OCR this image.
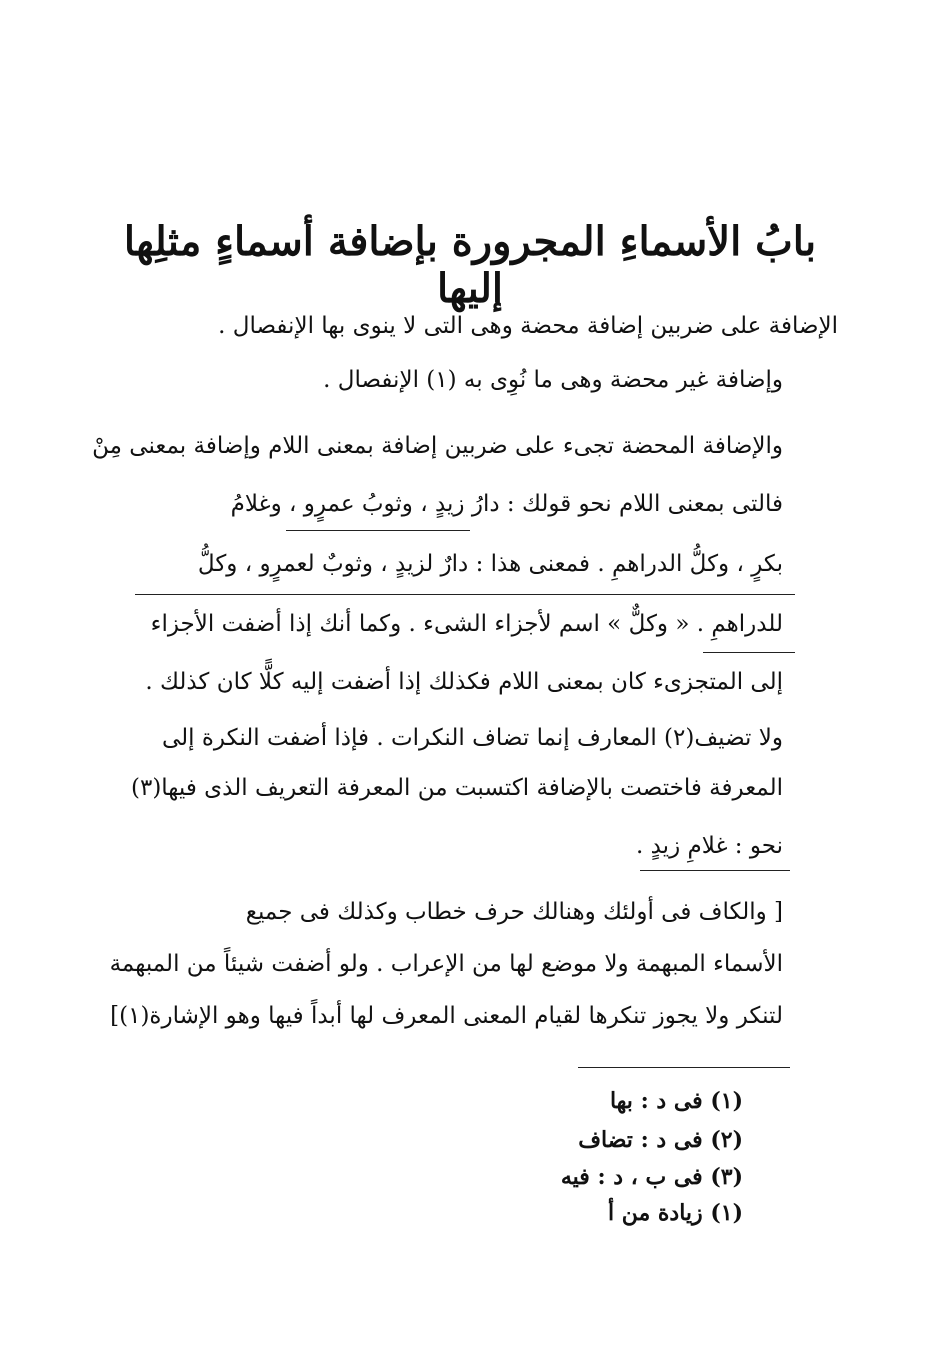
بابُ الأسماءِ المجرورة بإضافة أسماءٍ مثلِها إليها
الإضافة على ضربين إضافة محضة وهى التى لا ينوى بها الإنفصال .
وإضافة غير محضة وهى ما نُوِى به (١) الإنفصال .
والإضافة المحضة تجىء على ضربين إضافة بمعنى اللام وإضافة بمعنى مِنْ
فالتى بمعنى اللام نحو قولك : دارُ زيدٍ ، وثوبُ عمرٍو ، وغلامُ
بكرٍ ، وكلُّ الدراهمِ . فمعنى هذا : دارٌ لزيدٍ ، وثوبٌ لعمرٍو ، وكلُّ
للدراهمِ . « وكلٌّ » اسم لأجزاء الشىء . وكما أنك إذا أضفت الأجزاء
إلى المتجزىء كان بمعنى اللام فكذلك إذا أضفت إليه كلًّا كان كذلك .
ولا تضيف(٢) المعارف إنما تضاف النكرات . فإذا أضفت النكرة إلى
المعرفة فاختصت بالإضافة اكتسبت من المعرفة التعريف الذى فيها(٣)
نحو : غلامِ زيدٍ .
[ والكاف فى أولئك وهنالك حرف خطاب وكذلك فى جميع
الأسماء المبهمة ولا موضع لها من الإعراب . ولو أضفت شيئاً من المبهمة
لتنكر ولا يجوز تنكرها لقيام المعنى المعرف لها أبداً فيها وهو الإشارة(١)]
(١) فى د : بها
(٢) فى د : تضاف
(٣) فى ب ، د : فيه
(١) زيادة من أ
